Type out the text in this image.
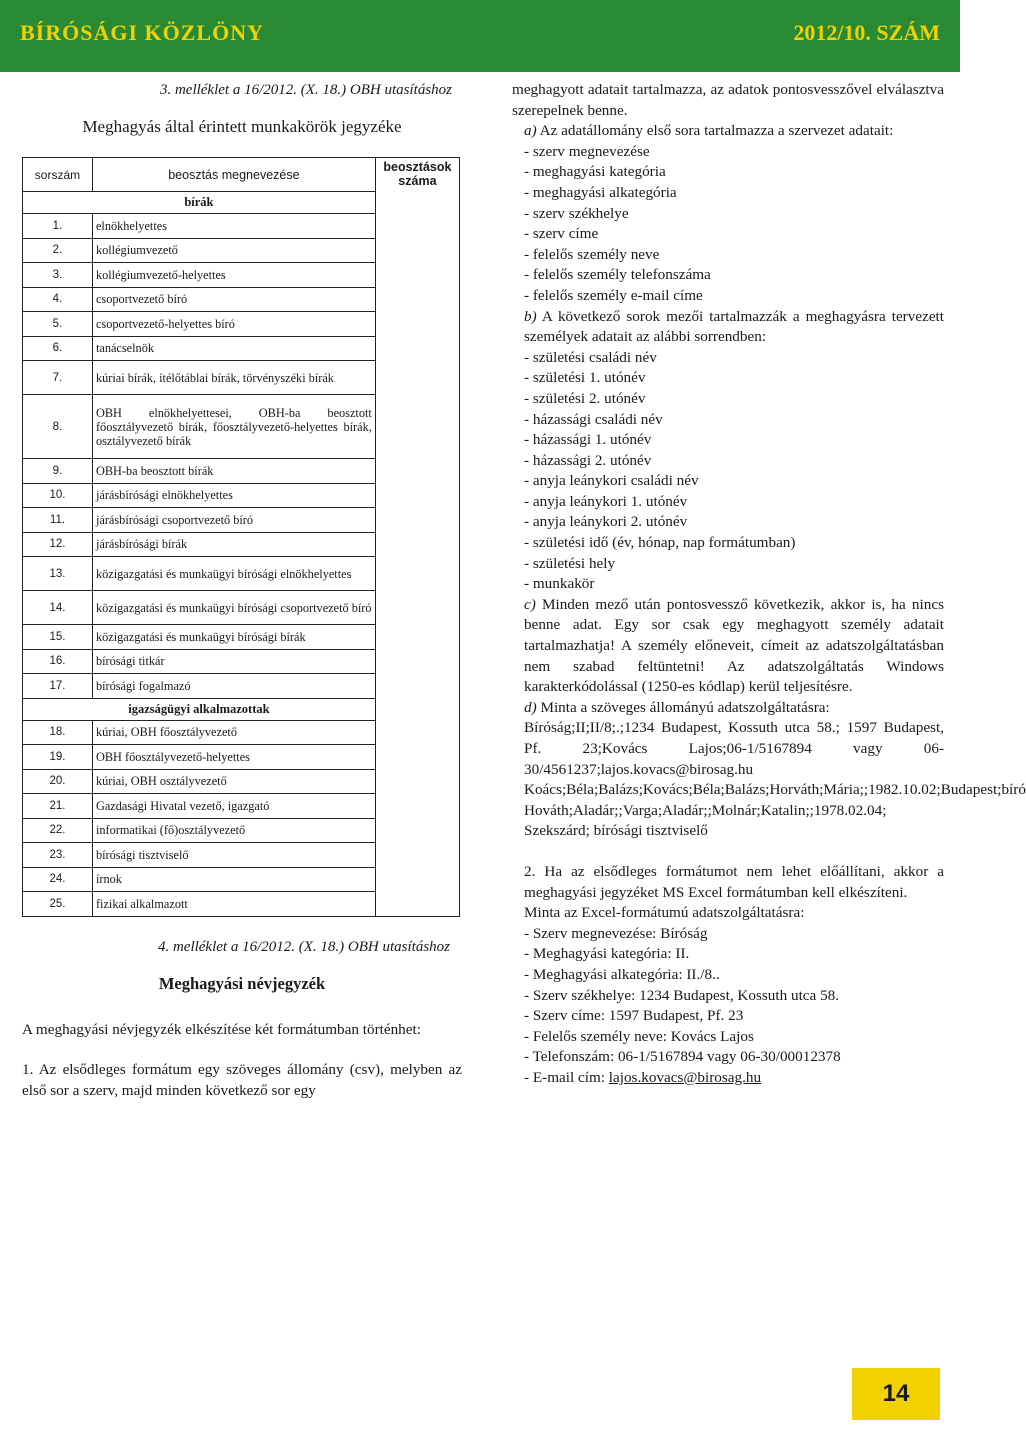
BÍRÓSÁGI KÖZLÖNY	2012/10. SZÁM
3. melléklet a 16/2012. (X. 18.) OBH utasításhoz
Meghagyás által érintett munkakörök jegyzéke
sorszám	beosztás megnevezése	beosztások száma
bírák		
1.	elnökhelyettes	
2.	kollégiumvezető	
3.	kollégiumvezető-helyettes	
4.	csoportvezető bíró	
5.	csoportvezető-helyettes bíró	
6.	tanácselnök	
7.	kúriai bírák, ítélőtáblai bírák, törvényszéki bírák	
8.	OBH elnökhelyettesei, OBH-ba beosztott főosztályvezető bírák, főosztályvezető-helyettes bírák, osztályvezető bírák	
9.	OBH-ba beosztott bírák	
10.	járásbírósági elnökhelyettes	
11.	járásbírósági csoportvezető bíró	
12.	járásbírósági bírák	
13.	közigazgatási és munkaügyi bírósági elnökhelyettes	
14.	közigazgatási és munkaügyi bírósági csoportvezető bíró	
15.	közigazgatási és munkaügyi bírósági bírák	
16.	bírósági titkár	
17.	bírósági fogalmazó	
igazságügyi alkalmazottak		
18.	kúriai, OBH főosztályvezető	
19.	OBH főosztályvezető-helyettes	
20.	kúriai, OBH osztályvezető	
21.	Gazdasági Hivatal vezető, igazgató	
22.	informatikai (fő)osztályvezető	
23.	bírósági tisztviselő	
24.	írnok	
25.	fizikai alkalmazott	
4. melléklet a 16/2012. (X. 18.) OBH utasításhoz
Meghagyási névjegyzék
A meghagyási névjegyzék elkészítése két formátumban történhet:
1. Az elsődleges formátum egy szöveges állomány (csv), melyben az első sor a szerv, majd minden következő sor egy
meghagyott adatait tartalmazza, az adatok pontosvesszővel elválasztva szerepelnek benne.
a) Az adatállomány első sora tartalmazza a szervezet adatait:
- szerv megnevezése
- meghagyási kategória
- meghagyási alkategória
- szerv székhelye
- szerv címe
- felelős személy neve
- felelős személy telefonszáma
- felelős személy e-mail címe
b) A következő sorok mezői tartalmazzák a meghagyásra tervezett személyek adatait az alábbi sorrendben:
- születési családi név
- születési 1. utónév
- születési 2. utónév
- házassági családi név
- házassági 1. utónév
- házassági 2. utónév
- anyja leánykori családi név
- anyja leánykori 1. utónév
- anyja leánykori 2. utónév
- születési idő (év, hónap, nap formátumban)
- születési hely
- munkakör
c) Minden mező után pontosvessző következik, akkor is, ha nincs benne adat. Egy sor csak egy meghagyott személy adatait tartalmazhatja! A személy előneveit, címeit az adatszolgáltatásban nem szabad feltüntetni! Az adatszolgáltatás Windows karakterkódolással (1250-es kódlap) kerül teljesítésre.
d) Minta a szöveges állományú adatszolgáltatásra:
Bíróság;II;II/8;.;1234 Budapest, Kossuth utca 58.; 1597 Budapest, Pf. 23;Kovács Lajos;06-1/5167894 vagy 06-30/4561237;lajos.kovacs@birosag.hu
Koács;Béla;Balázs;Kovács;Béla;Balázs;Horváth;Mária;;1982.10.02;Budapest;bíró
Hováth;Aladár;;Varga;Aladár;;Molnár;Katalin;;1978.02.04; Szekszárd; bírósági tisztviselő
2. Ha az elsődleges formátumot nem lehet előállítani, akkor a meghagyási jegyzéket MS Excel formátumban kell elkészíteni.
Minta az Excel-formátumú adatszolgáltatásra:
- Szerv megnevezése: Bíróság
- Meghagyási kategória: II.
- Meghagyási alkategória: II./8..
- Szerv székhelye: 1234 Budapest, Kossuth utca 58.
- Szerv címe: 1597 Budapest, Pf. 23
- Felelős személy neve: Kovács Lajos
- Telefonszám: 06-1/5167894 vagy 06-30/00012378
- E-mail cím: lajos.kovacs@birosag.hu
14
